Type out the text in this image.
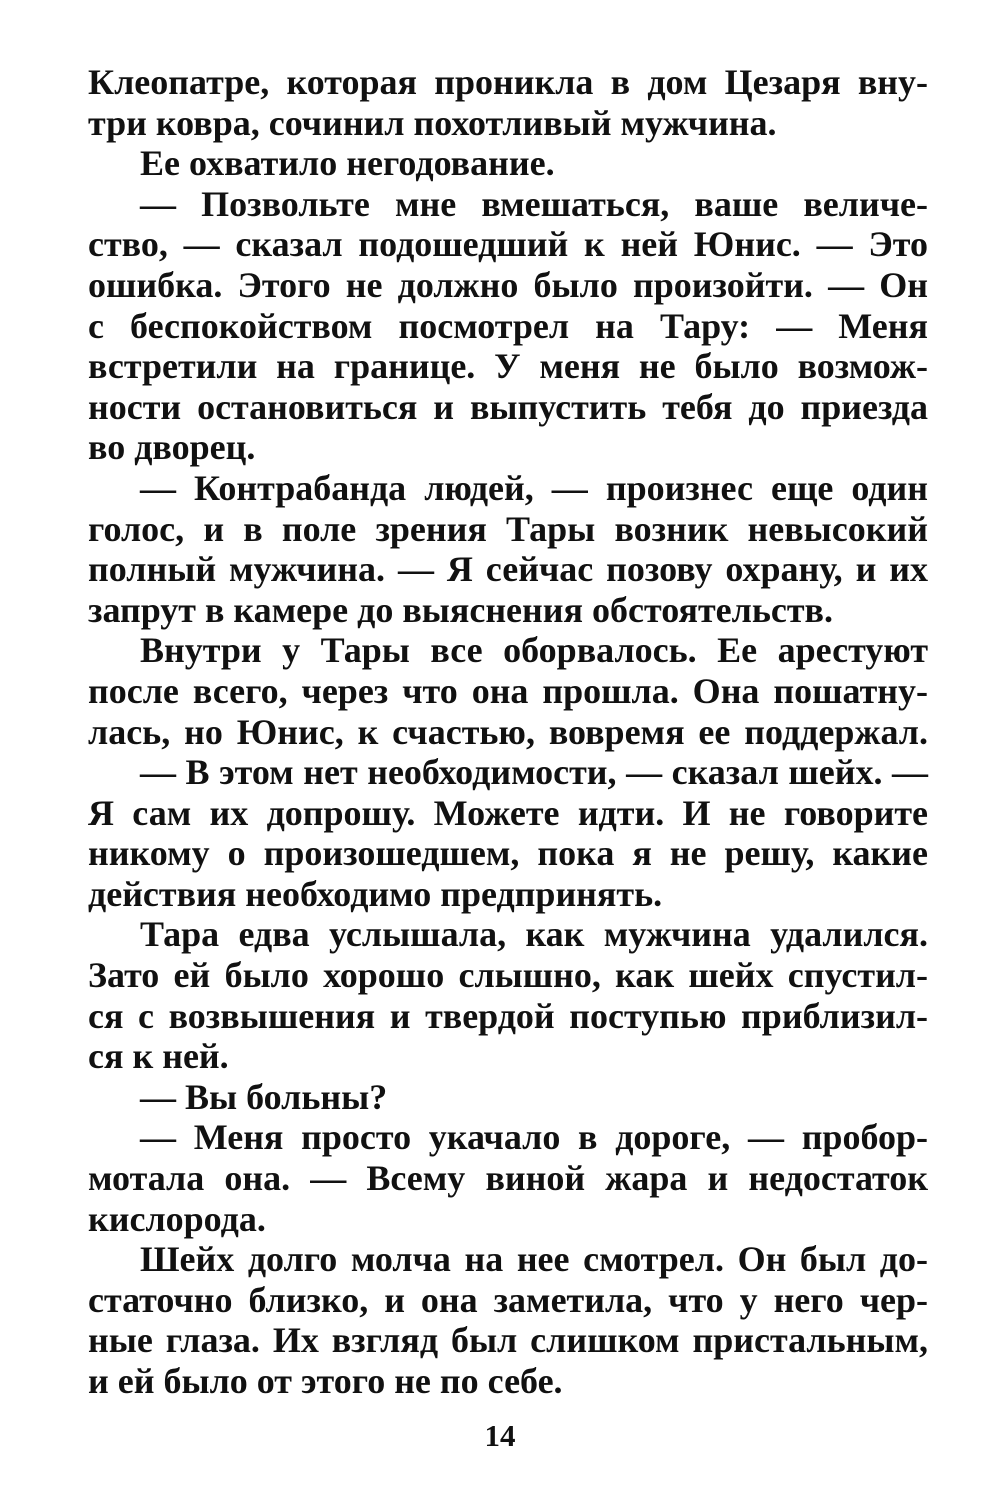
Клеопатре, которая проникла в дом Цезаря вну-
три ковра, сочинил похотливый мужчина.
Ее охватило негодование.
— Позвольте мне вмешаться, ваше величе-
ство, — сказал подошедший к ней Юнис. — Это
ошибка. Этого не должно было произойти. — Он
с беспокойством посмотрел на Тару: — Меня
встретили на границе. У меня не было возмож-
ности остановиться и выпустить тебя до приезда
во дворец.
— Контрабанда людей, — произнес еще один
голос, и в поле зрения Тары возник невысокий
полный мужчина. — Я сейчас позову охрану, и их
запрут в камере до выяснения обстоятельств.
Внутри у Тары все оборвалось. Ее арестуют
после всего, через что она прошла. Она пошатну-
лась, но Юнис, к счастью, вовремя ее поддержал.
— В этом нет необходимости, — сказал шейх. —
Я сам их допрошу. Можете идти. И не говорите
никому о произошедшем, пока я не решу, какие
действия необходимо предпринять.
Тара едва услышала, как мужчина удалился.
Зато ей было хорошо слышно, как шейх спустил-
ся с возвышения и твердой поступью приблизил-
ся к ней.
— Вы больны?
— Меня просто укачало в дороге, — пробор-
мотала она. — Всему виной жара и недостаток
кислорода.
Шейх долго молча на нее смотрел. Он был до-
статочно близко, и она заметила, что у него чер-
ные глаза. Их взгляд был слишком пристальным,
и ей было от этого не по себе.
14
